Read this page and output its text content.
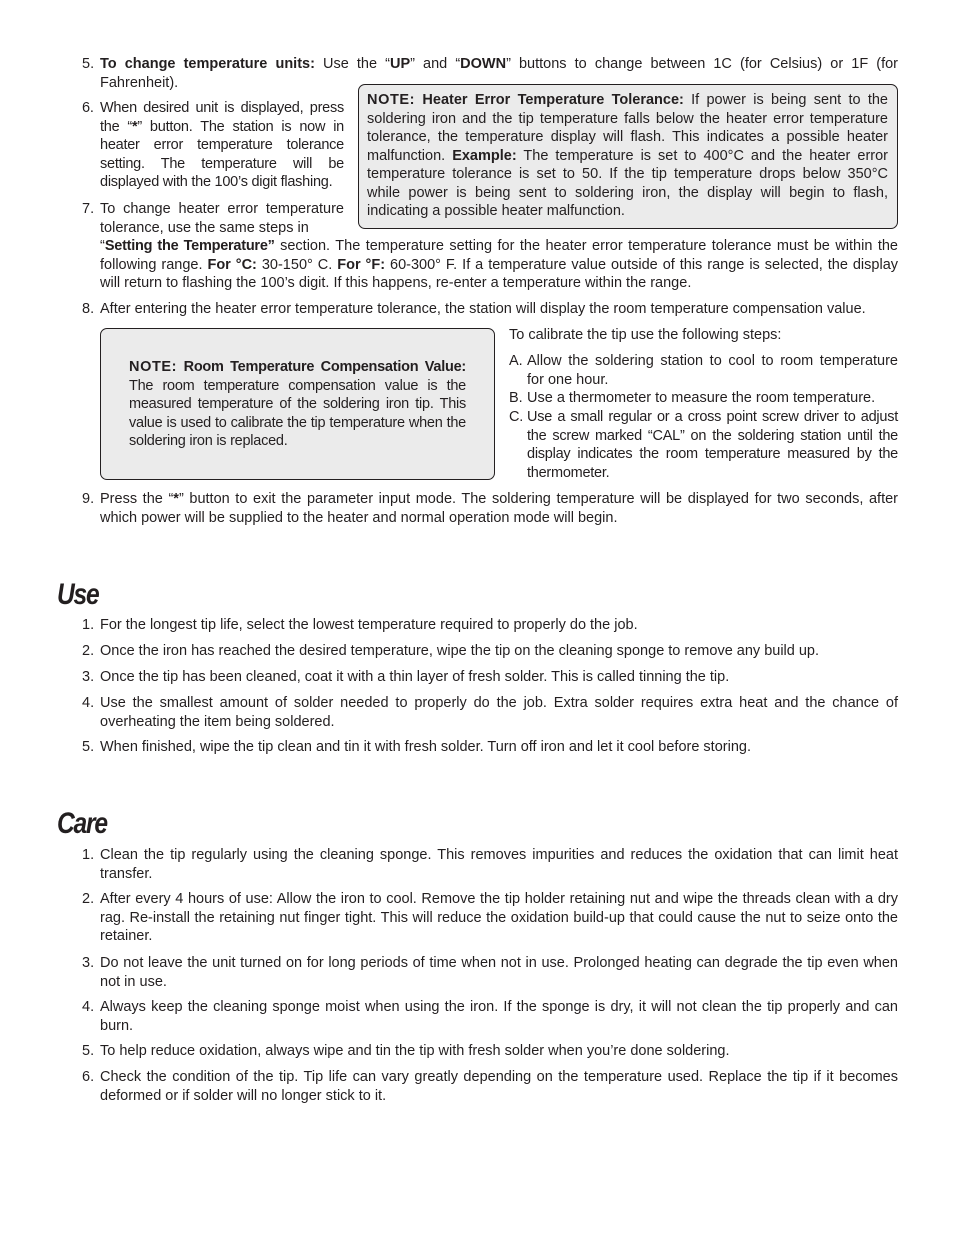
5. To change temperature units: Use the “UP” and “DOWN” buttons to change between 1C (for Celsius) or 1F (for Fahrenheit).
6. When desired unit is displayed, press the “*” button. The station is now in heater error temperature tolerance setting. The temperature will be displayed with the 100’s digit flashing.
7. To change heater error temperature tolerance, use the same steps in
“Setting the Temperature” section. The temperature setting for the heater error temperature tolerance must be within the following range. For °C: 30-150° C. For °F: 60-300° F. If a temperature value outside of this range is selected, the display will return to flashing the 100’s digit. If this happens, re-enter a temperature within the range.
NOTE: Heater Error Temperature Tolerance: If power is being sent to the soldering iron and the tip temperature falls below the heater error temperature tolerance, the temperature display will flash. This indicates a possible heater malfunction. Example: The temperature is set to 400°C and the heater error temperature tolerance is set to 50. If the tip temperature drops below 350°C while power is being sent to soldering iron, the display will begin to flash, indicating a possible heater malfunction.
8. After entering the heater error temperature tolerance, the station will display the room temperature compensation value.
NOTE: Room Temperature Compensation Value: The room temperature compensation value is the measured temperature of the soldering iron tip. This value is used to calibrate the tip temperature when the soldering iron is replaced.
To calibrate the tip use the following steps:
A. Allow the soldering station to cool to room temperature for one hour.
B. Use a thermometer to measure the room temperature.
C. Use a small regular or a cross point screw driver to adjust the screw marked “CAL” on the soldering station until the display indicates the room temperature measured by the thermometer.
9. Press the “*” button to exit the parameter input mode. The soldering temperature will be displayed for two seconds, after which power will be supplied to the heater and normal operation mode will begin.
Use
1. For the longest tip life, select the lowest temperature required to properly do the job.
2. Once the iron has reached the desired temperature, wipe the tip on the cleaning sponge to remove any build up.
3. Once the tip has been cleaned, coat it with a thin layer of fresh solder. This is called tinning the tip.
4. Use the smallest amount of solder needed to properly do the job. Extra solder requires extra heat and the chance of overheating the item being soldered.
5. When finished, wipe the tip clean and tin it with fresh solder. Turn off iron and let it cool before storing.
Care
1. Clean the tip regularly using the cleaning sponge. This removes impurities and reduces the oxidation that can limit heat transfer.
2. After every 4 hours of use: Allow the iron to cool. Remove the tip holder retaining nut and wipe the threads clean with a dry rag. Re-install the retaining nut finger tight. This will reduce the oxidation build-up that could cause the nut to seize onto the retainer.
3. Do not leave the unit turned on for long periods of time when not in use. Prolonged heating can degrade the tip even when not in use.
4. Always keep the cleaning sponge moist when using the iron. If the sponge is dry, it will not clean the tip properly and can burn.
5. To help reduce oxidation, always wipe and tin the tip with fresh solder when you’re done soldering.
6. Check the condition of the tip. Tip life can vary greatly depending on the temperature used. Replace the tip if it becomes deformed or if solder will no longer stick to it.
